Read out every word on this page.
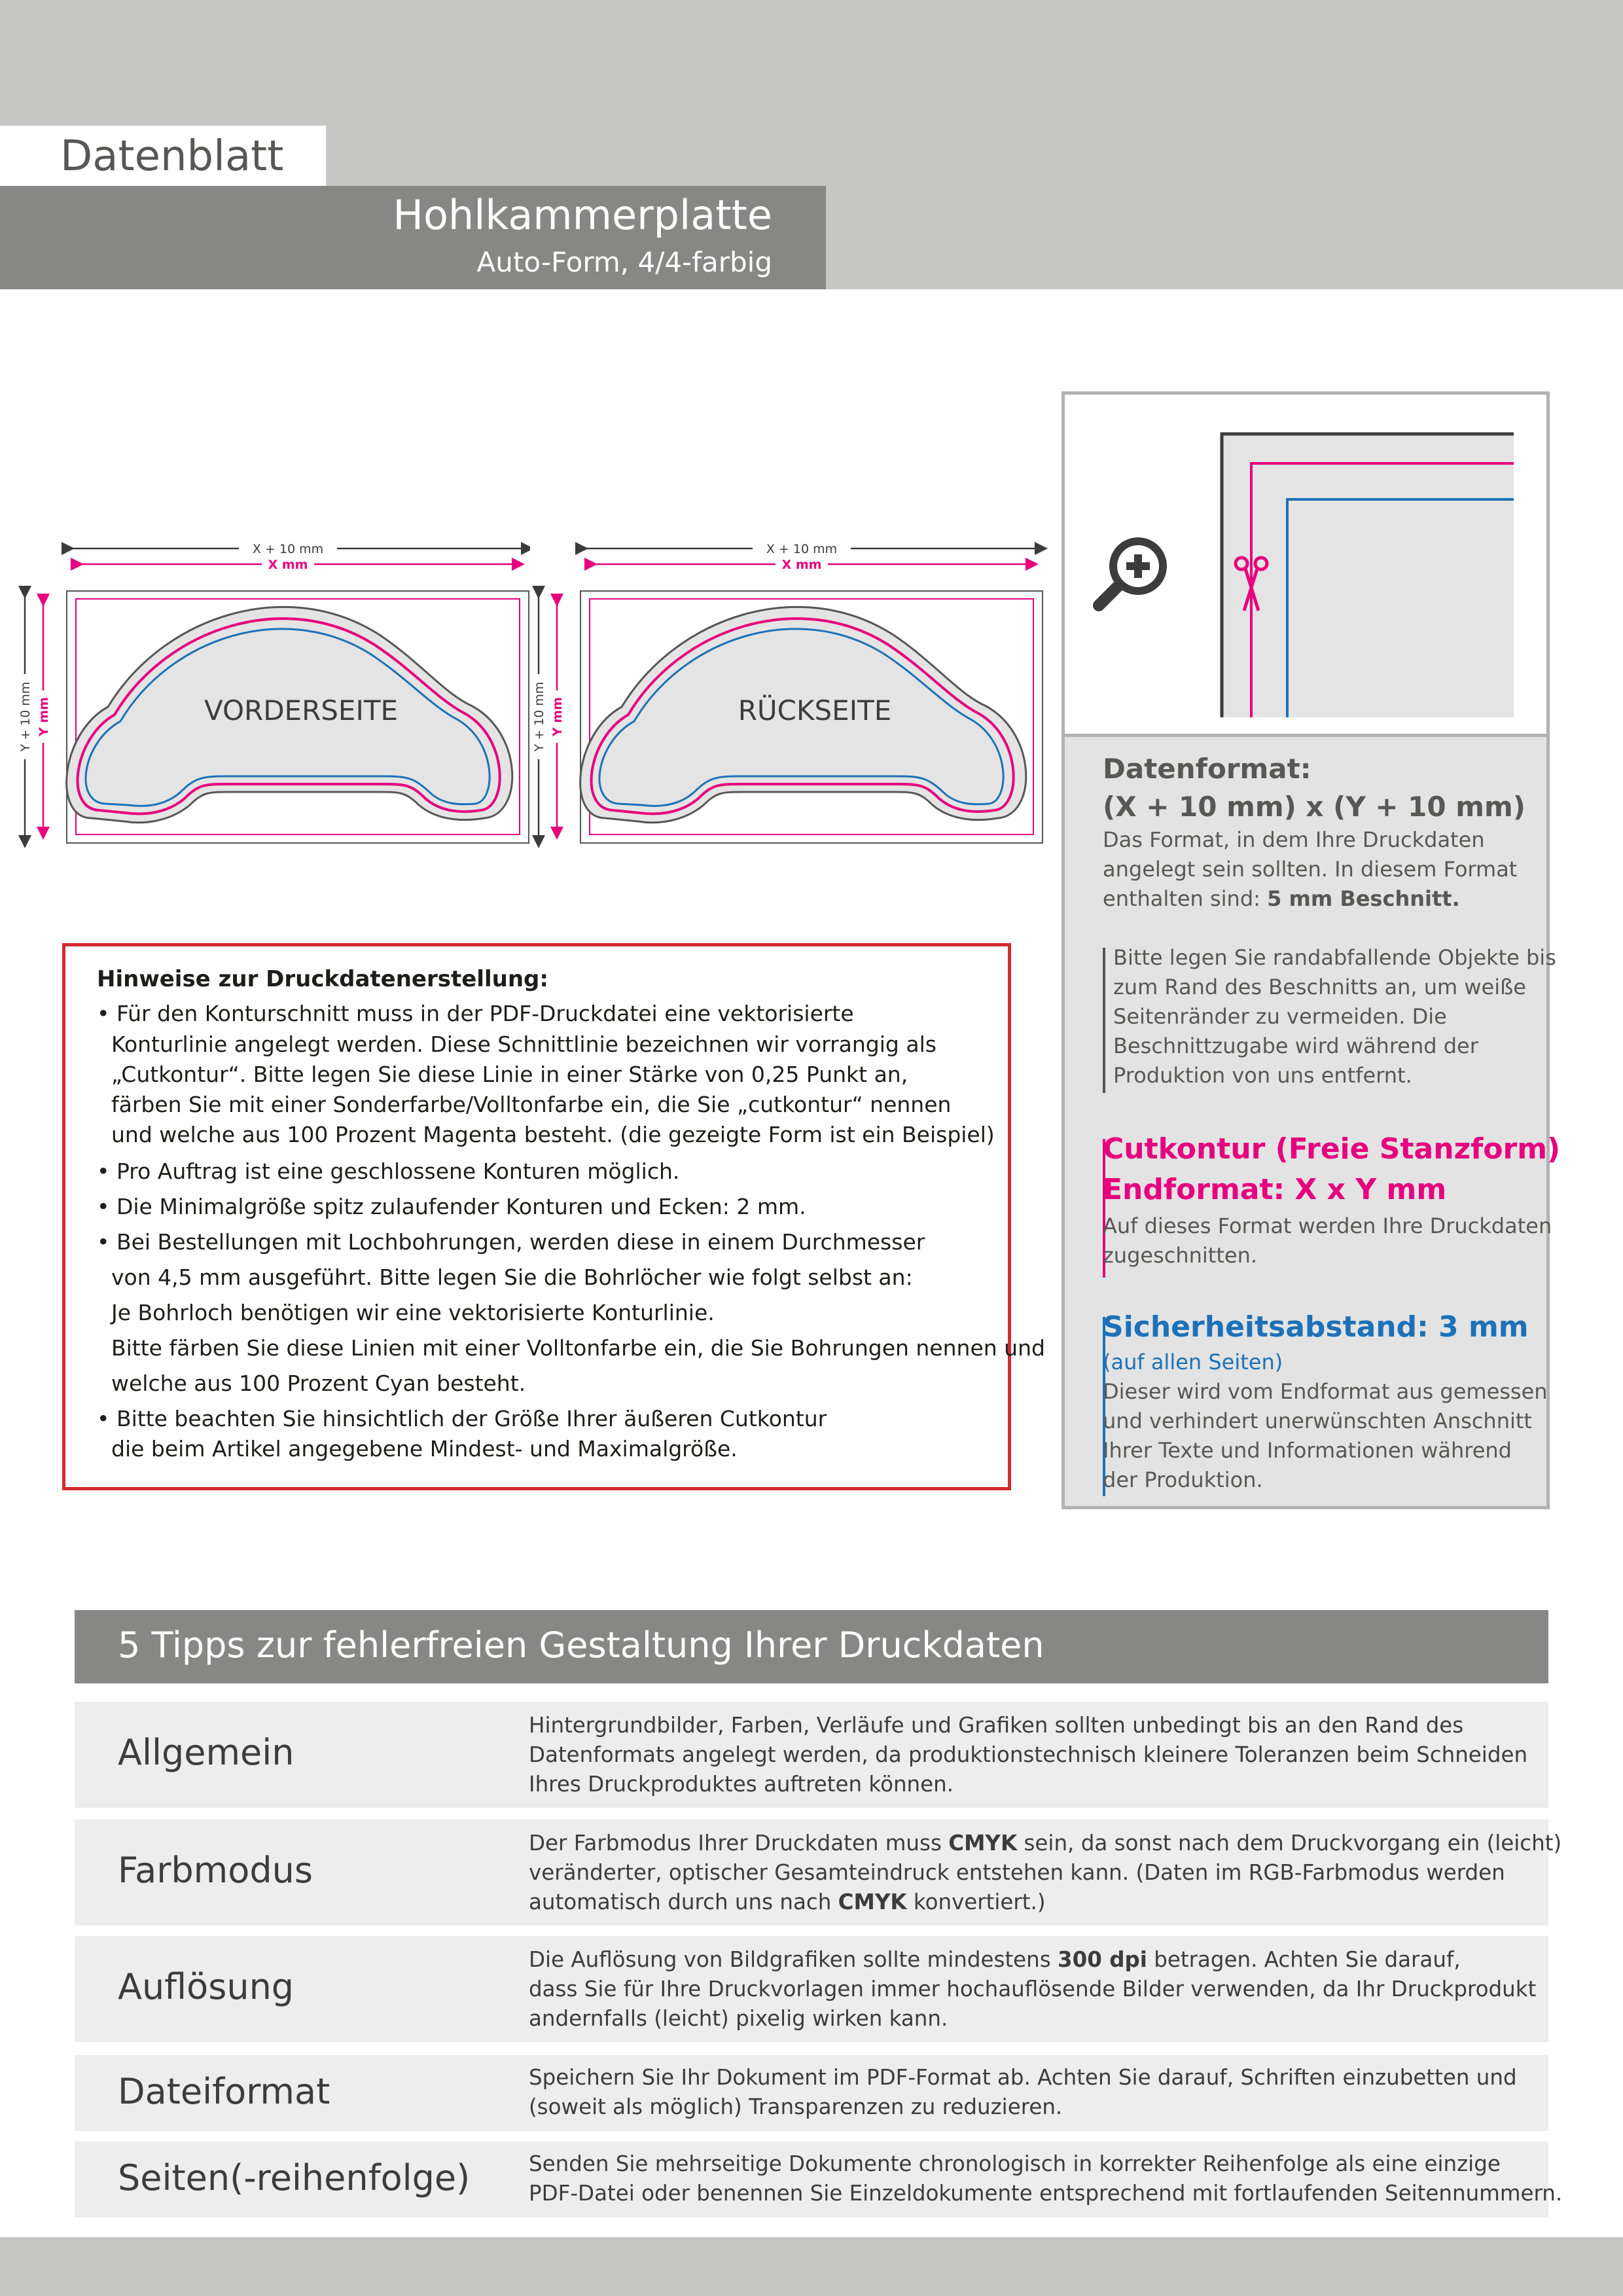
Datenblatt
Hohlkammerplatte
Auto-Form, 4/4-farbig
X + 10 mm
X mm
Y + 10 mm Y mm	VORDERSEITE
X + 10 mm
X mm
Y + 10 mm Y mm	RÜCKSEITE
Hinweise zur Druckdatenerstellung:
• Für den Konturschnitt muss in der PDF-Druckdatei eine vektorisierte
Konturlinie angelegt werden. Diese Schnittlinie bezeichnen wir vorrangig als
„Cutkontur“. Bitte legen Sie diese Linie in einer Stärke von 0,25 Punkt an,
färben Sie mit einer Sonderfarbe/Volltonfarbe ein, die Sie „cutkontur“ nennen
und welche aus 100 Prozent Magenta besteht. (die gezeigte Form ist ein Beispiel)
• Pro Auftrag ist eine geschlossene Konturen möglich.
• Die Minimalgröße spitz zulaufender Konturen und Ecken: 2 mm.
• Bei Bestellungen mit Lochbohrungen, werden diese in einem Durchmesser
von 4,5 mm ausgeführt. Bitte legen Sie die Bohrlöcher wie folgt selbst an:
Je Bohrloch benötigen wir eine vektorisierte Konturlinie.
Bitte färben Sie diese Linien mit einer Volltonfarbe ein, die Sie Bohrungen nennen und
welche aus 100 Prozent Cyan besteht.
• Bitte beachten Sie hinsichtlich der Größe Ihrer äußeren Cutkontur
die beim Artikel angegebene Mindest- und Maximalgröße.
Datenformat:
(X + 10 mm) x (Y + 10 mm)
Das Format, in dem Ihre Druckdaten
angelegt sein sollten. In diesem Format
enthalten sind: 5 mm Beschnitt.
Bitte legen Sie randabfallende Objekte bis
zum Rand des Beschnitts an, um weiße
Seitenränder zu vermeiden. Die
Beschnittzugabe wird während der
Produktion von uns entfernt.
Cutkontur (Freie Stanzform)
Endformat: X x Y mm
Auf dieses Format werden Ihre Druckdaten
zugeschnitten.
Sicherheitsabstand: 3 mm
(auf allen Seiten)
Dieser wird vom Endformat aus gemessen
und verhindert unerwünschten Anschnitt
Ihrer Texte und Informationen während
der Produktion.
5 Tipps zur fehlerfreien Gestaltung Ihrer Druckdaten
Allgemein
Hintergrundbilder, Farben, Verläufe und Grafiken sollten unbedingt bis an den Rand des
Datenformats angelegt werden, da produktionstechnisch kleinere Toleranzen beim Schneiden
Ihres Druckproduktes auftreten können.
Farbmodus
Der Farbmodus Ihrer Druckdaten muss CMYK sein, da sonst nach dem Druckvorgang ein (leicht)
veränderter, optischer Gesamteindruck entstehen kann. (Daten im RGB-Farbmodus werden
automatisch durch uns nach CMYK konvertiert.)
Auflösung
Die Auflösung von Bildgrafiken sollte mindestens 300 dpi betragen. Achten Sie darauf,
dass Sie für Ihre Druckvorlagen immer hochauflösende Bilder verwenden, da Ihr Druckprodukt
andernfalls (leicht) pixelig wirken kann.
Dateiformat	Speichern Sie Ihr Dokument im PDF-Format ab. Achten Sie darauf, Schriften einzubetten und
(soweit als möglich) Transparenzen zu reduzieren.
Seiten(-reihenfolge)	Senden Sie mehrseitige Dokumente chronologisch in korrekter Reihenfolge als eine einzige
PDF-Datei oder benennen Sie Einzeldokumente entsprechend mit fortlaufenden Seitennummern.
